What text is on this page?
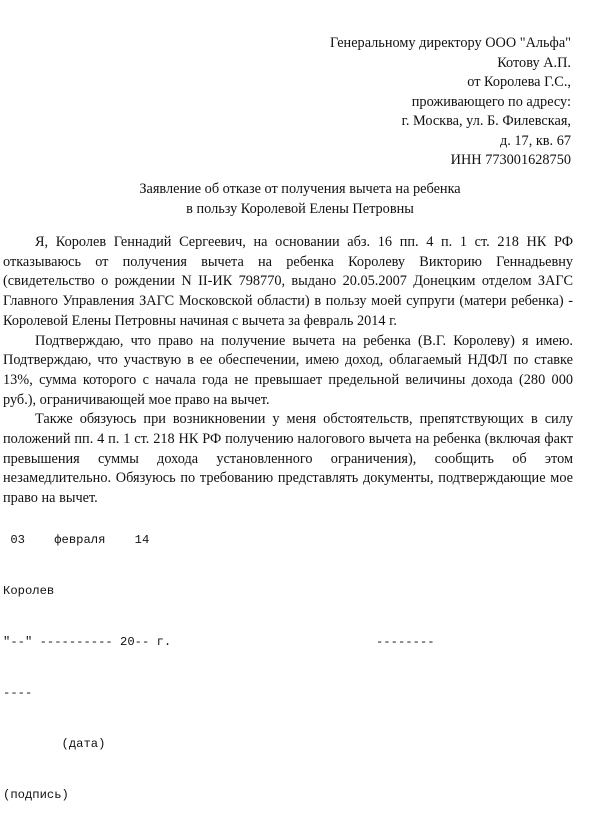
Генеральному директору ООО "Альфа"
Котову А.П.
от Королева Г.С.,
проживающего по адресу:
г. Москва, ул. Б. Филевская,
д. 17, кв. 67
ИНН 773001628750
Заявление об отказе от получения вычета на ребенка
в пользу Королевой Елены Петровны

Я, Королев Геннадий Сергеевич, на основании абз. 16 пп. 4 п. 1 ст. 218 НК РФ отказываюсь от получения вычета на ребенка Королеву Викторию Геннадьевну (свидетельство о рождении N II-ИК 798770, выдано 20.05.2007 Донецким отделом ЗАГС Главного Управления ЗАГС Московской области) в пользу моей супруги (матери ребенка) - Королевой Елены Петровны начиная с вычета за февраль 2014 г.

Подтверждаю, что право на получение вычета на ребенка (В.Г. Королеву) я имею. Подтверждаю, что участвую в ее обеспечении, имею доход, облагаемый НДФЛ по ставке 13%, сумма которого с начала года не превышает предельной величины дохода (280 000 руб.), ограничивающей мое право на вычет.

Также обязуюсь при возникновении у меня обстоятельств, препятствующих в силу положений пп. 4 п. 1 ст. 218 НК РФ получению налогового вычета на ребенка (включая факт превышения суммы дохода установленного ограничения), сообщить об этом незамедлительно. Обязуюсь по требованию представлять документы, подтверждающие мое право на вычет.

03    февраля    14

Королев

"--" ---------- 20-- г.                            --------

----

(дата)

(подпись)
